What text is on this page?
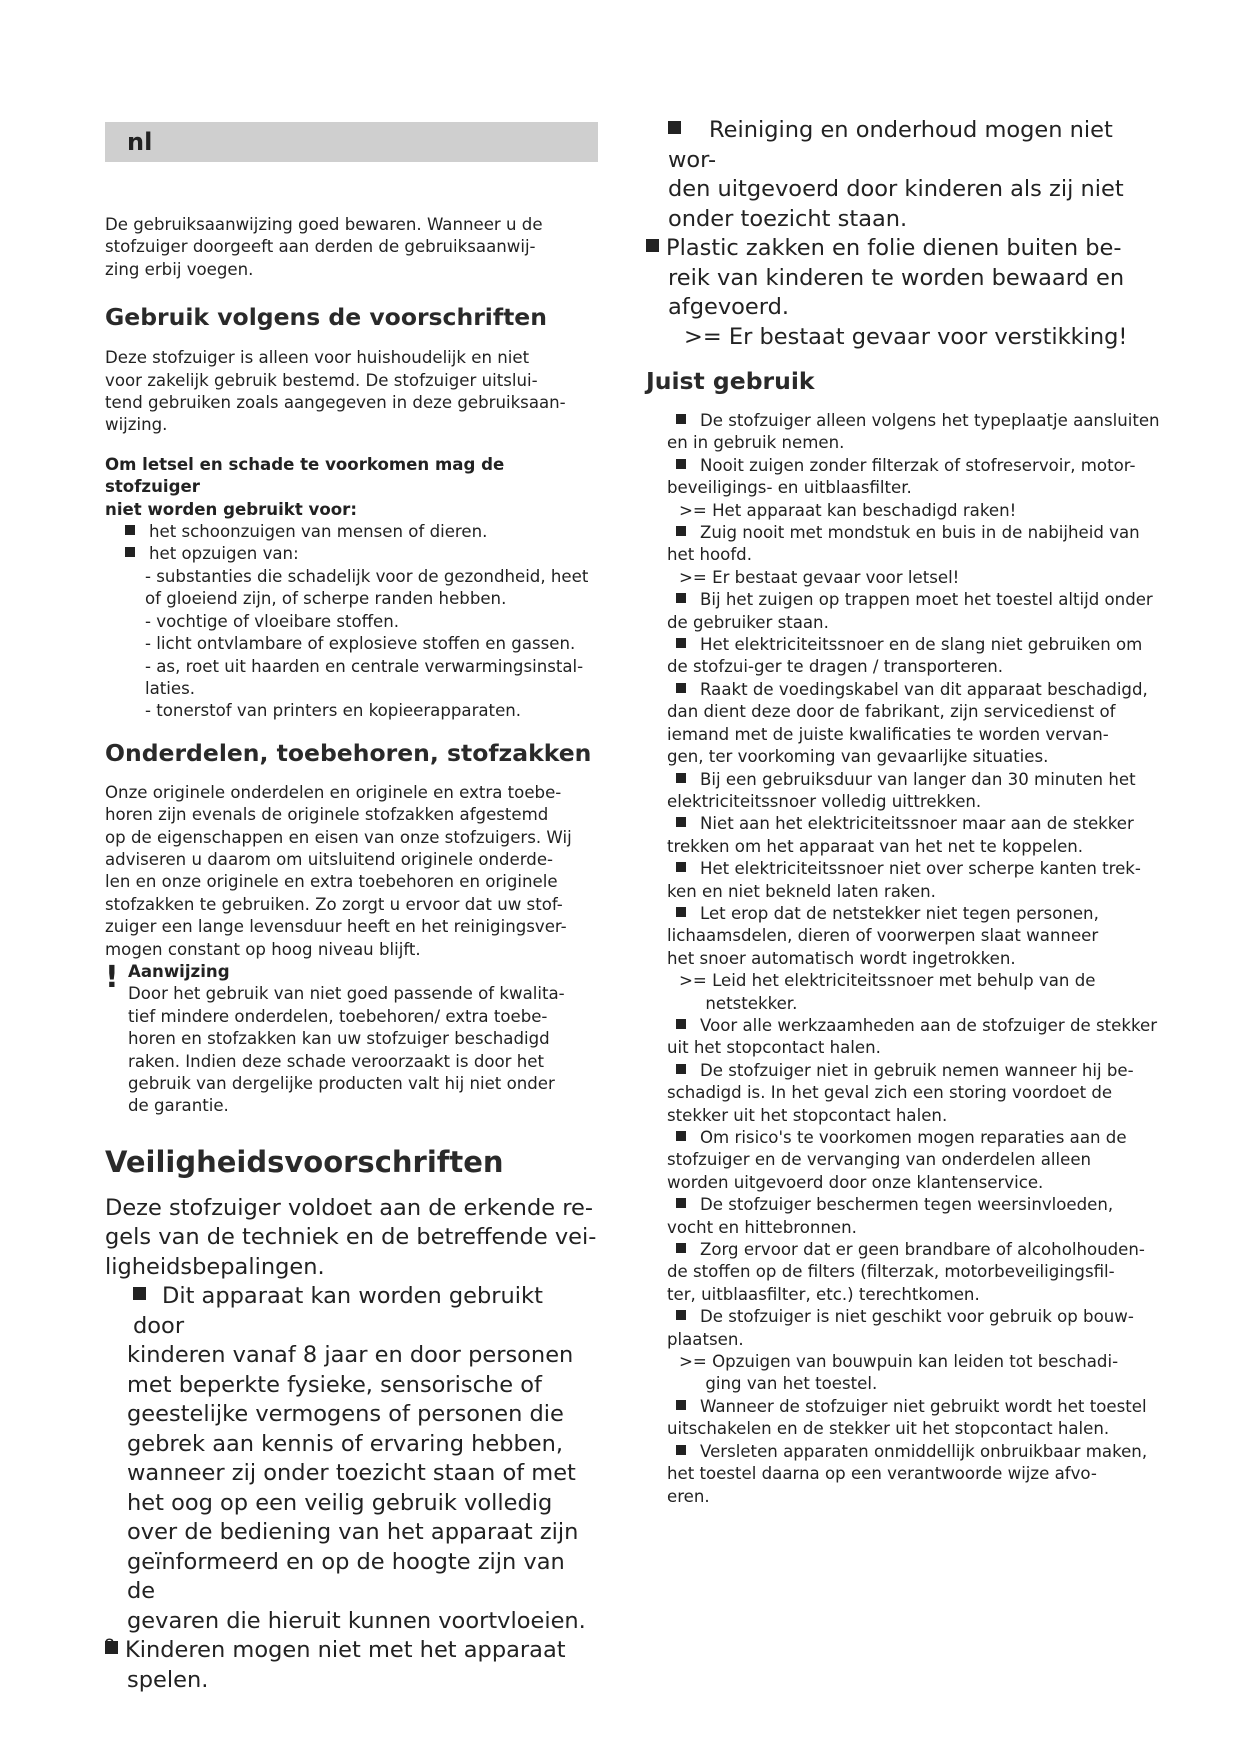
nl

De gebruiksaanwijzing goed bewaren. Wanneer u de

stofzuiger doorgeeft aan derden de gebruiksaanwij-

zing erbij voegen.

Gebruik volgens de voorschriften

Deze stofzuiger is alleen voor huishoudelijk en niet

voor zakelijk gebruik bestemd. De stofzuiger uitslui-

tend gebruiken zoals aangegeven in deze gebruiksaan-

wijzing.

Om letsel en schade te voorkomen mag de stofzuiger

niet worden gebruikt voor:

het schoonzuigen van mensen of dieren.

het opzuigen van:

- substanties die schadelijk voor de gezondheid, heet

of gloeiend zijn, of scherpe randen hebben.

- vochtige of vloeibare stoffen.

- licht ontvlambare of explosieve stoffen en gassen.

- as, roet uit haarden en centrale verwarmingsinstal-

laties.

- tonerstof van printers en kopieerapparaten.

Onderdelen, toebehoren, stofzakken

Onze originele onderdelen en originele en extra toebe-

horen zijn evenals de originele stofzakken afgestemd

op de eigenschappen en eisen van onze stofzuigers. Wij

adviseren u daarom om uitsluitend originele onderde-

len en onze originele en extra toebehoren en originele

stofzakken te gebruiken. Zo zorgt u ervoor dat uw stof-

zuiger een lange levensduur heeft en het reinigingsver-

mogen constant op hoog niveau blijft.

! Aanwijzing

Door het gebruik van niet goed passende of kwalita-

tief mindere onderdelen, toebehoren/ extra toebe-

horen en stofzakken kan uw stofzuiger beschadigd

raken. Indien deze schade veroorzaakt is door het

gebruik van dergelijke producten valt hij niet onder

de garantie.

Veiligheidsvoorschriften

Deze stofzuiger voldoet aan de erkende re-

gels van de techniek en de betreffende vei-

ligheidsbepalingen.

Dit apparaat kan worden gebruikt door

kinderen vanaf 8 jaar en door personen

met beperkte fysieke, sensorische of

geestelijke vermogens of personen die

gebrek aan kennis of ervaring hebben,

wanneer zij onder toezicht staan of met

het oog op een veilig gebruik volledig

over de bediening van het apparaat zijn

geïnformeerd en op de hoogte zijn van de

gevaren die hieruit kunnen voortvloeien.

Kinderen mogen niet met het apparaat

spelen.

Reiniging en onderhoud mogen niet wor-

den uitgevoerd door kinderen als zij niet

onder toezicht staan.

Plastic zakken en folie dienen buiten be-

reik van kinderen te worden bewaard en

afgevoerd.

>= Er bestaat gevaar voor verstikking!

Juist gebruik

De stofzuiger alleen volgens het typeplaatje aansluiten

en in gebruik nemen.

Nooit zuigen zonder filterzak of stofreservoir, motor-

beveiligings- en uitblaasfilter.

>= Het apparaat kan beschadigd raken!

Zuig nooit met mondstuk en buis in de nabijheid van

het hoofd.

>= Er bestaat gevaar voor letsel!

Bij het zuigen op trappen moet het toestel altijd onder

de gebruiker staan.

Het elektriciteitssnoer en de slang niet gebruiken om

de stofzui-ger te dragen / transporteren.

Raakt de voedingskabel van dit apparaat beschadigd,

dan dient deze door de fabrikant, zijn servicedienst of

iemand met de juiste kwalificaties te worden vervan-

gen, ter voorkoming van gevaarlijke situaties.

Bij een gebruiksduur van langer dan 30 minuten het

elektriciteitssnoer volledig uittrekken.

Niet aan het elektriciteitssnoer maar aan de stekker

trekken om het apparaat van het net te koppelen.

Het elektriciteitssnoer niet over scherpe kanten trek-

ken en niet bekneld laten raken.

Let erop dat de netstekker niet tegen personen,

lichaamsdelen, dieren of voorwerpen slaat wanneer

het snoer automatisch wordt ingetrokken.

>= Leid het elektriciteitssnoer met behulp van de

netstekker.

Voor alle werkzaamheden aan de stofzuiger de stekker

uit het stopcontact halen.

De stofzuiger niet in gebruik nemen wanneer hij be-

schadigd is. In het geval zich een storing voordoet de

stekker uit het stopcontact halen.

Om risico's te voorkomen mogen reparaties aan de

stofzuiger en de vervanging van onderdelen alleen

worden uitgevoerd door onze klantenservice.

De stofzuiger beschermen tegen weersinvloeden,

vocht en hittebronnen.

Zorg ervoor dat er geen brandbare of alcoholhouden-

de stoffen op de filters (filterzak, motorbeveiligingsfil-

ter, uitblaasfilter, etc.) terechtkomen.

De stofzuiger is niet geschikt voor gebruik op bouw-

plaatsen.

>= Opzuigen van bouwpuin kan leiden tot beschadi-

ging van het toestel.

Wanneer de stofzuiger niet gebruikt wordt het toestel

uitschakelen en de stekker uit het stopcontact halen.

Versleten apparaten onmiddellijk onbruikbaar maken,

het toestel daarna op een verantwoorde wijze afvo-

eren.

8
